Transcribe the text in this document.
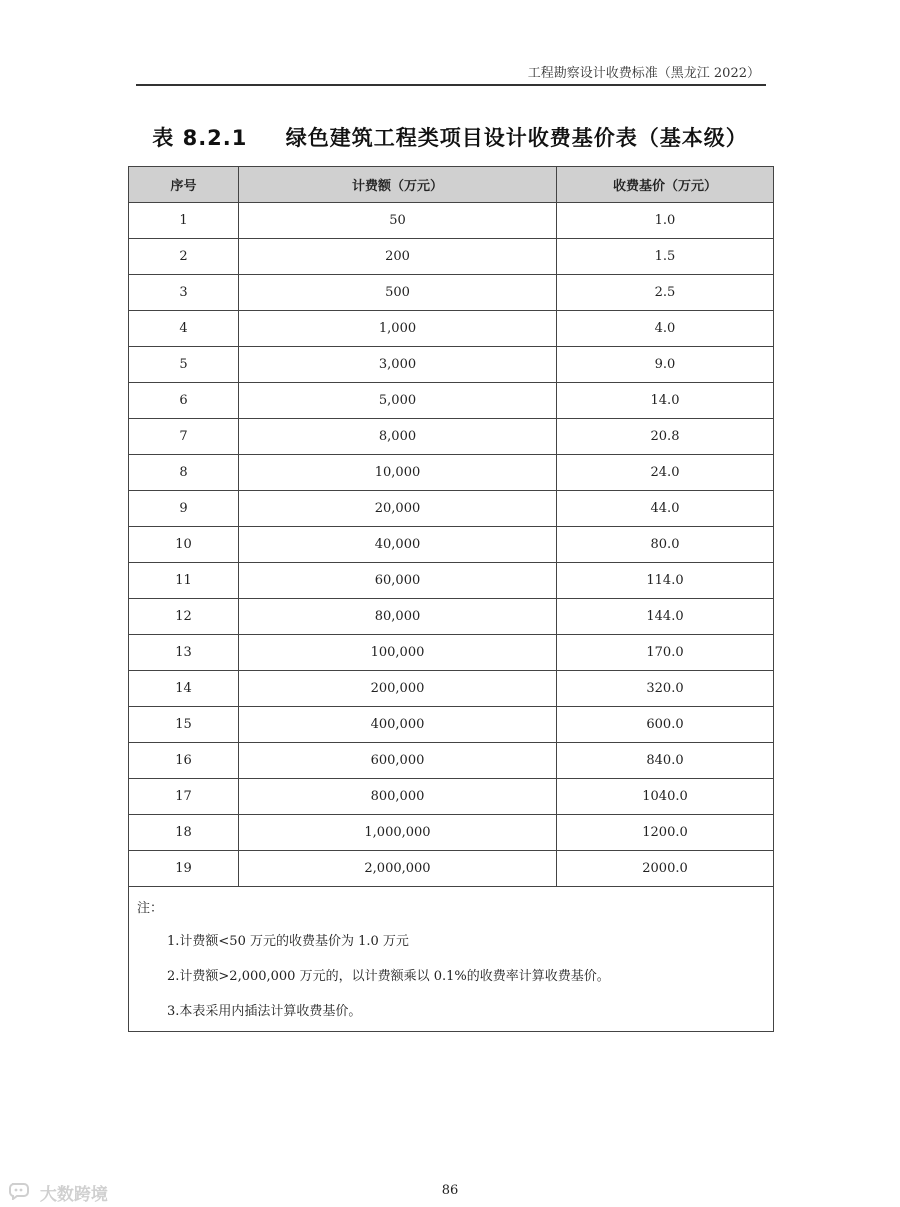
工程勘察设计收费标准（黑龙江 2022）
表 8.2.1 绿色建筑工程类项目设计收费基价表（基本级）
序号	计费额（万元）	收费基价（万元）
1	50	1.0
2	200	1.5
3	500	2.5
4	1,000	4.0
5	3,000	9.0
6	5,000	14.0
7	8,000	20.8
8	10,000	24.0
9	20,000	44.0
10	40,000	80.0
11	60,000	114.0
12	80,000	144.0
13	100,000	170.0
14	200,000	320.0
15	400,000	600.0
16	600,000	840.0
17	800,000	1040.0
18	1,000,000	1200.0
19	2,000,000	2000.0

注：
1.计费额<50 万元的收费基价为 1.0 万元
2.计费额>2,000,000 万元的，以计费额乘以 0.1%的收费率计算收费基价。
3.本表采用内插法计算收费基价。		
86
大数跨境
